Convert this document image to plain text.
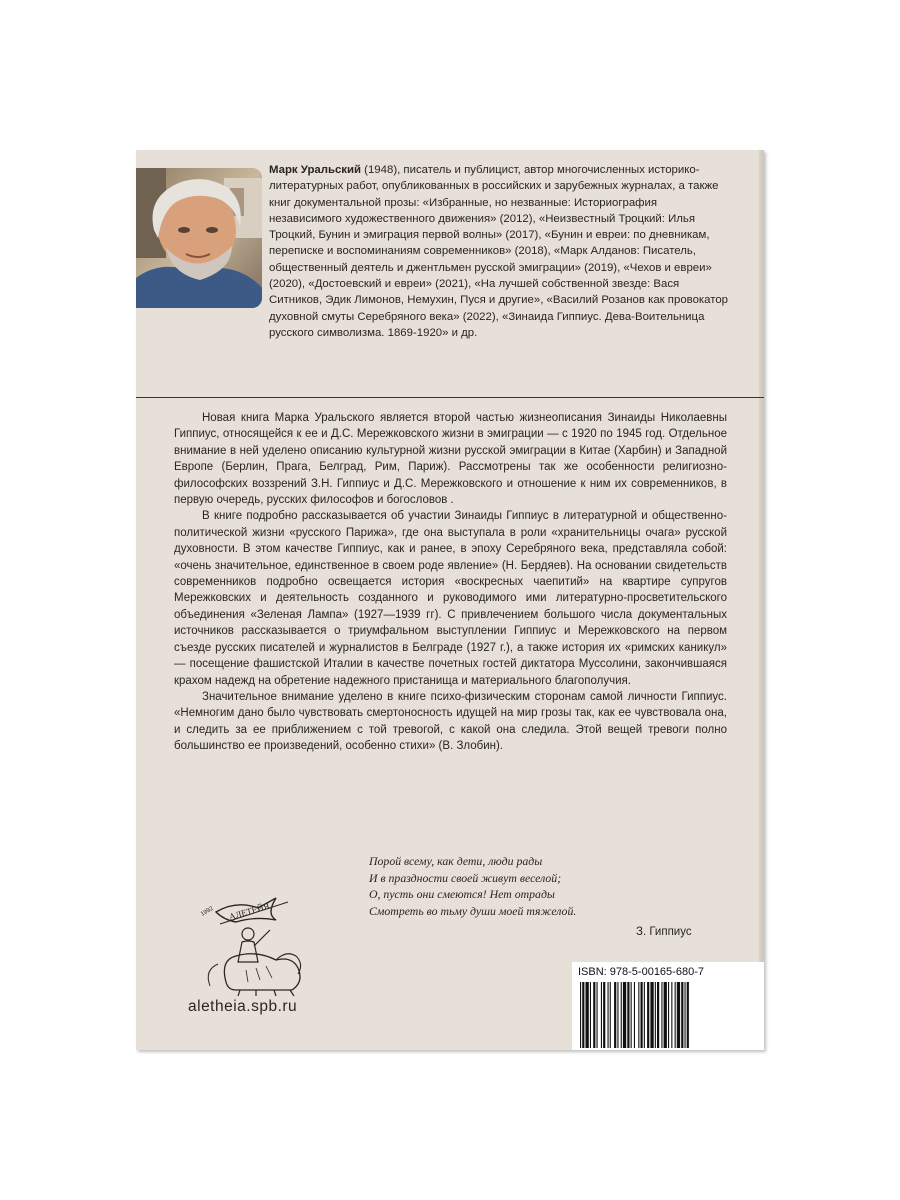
Марк Уральский (1948), писатель и публицист, автор многочисленных историко-литературных работ, опубликованных в российских и зарубежных журналах, а также книг документальной прозы: «Избранные, но незванные: Историография независимого художественного движения» (2012), «Неизвестный Троцкий: Илья Троцкий, Бунин и эмиграция первой волны» (2017), «Бунин и евреи: по дневникам, переписке и воспоминаниям современников» (2018), «Марк Алданов: Писатель, общественный деятель и джентльмен русской эмиграции» (2019), «Чехов и евреи» (2020), «Достоевский и евреи» (2021), «На лучшей собственной звезде: Вася Ситников, Эдик Лимонов, Немухин, Пуся и другие», «Василий Розанов как провокатор духовной смуты Серебряного века» (2022), «Зинаида Гиппиус. Дева-Воительница русского символизма. 1869-1920» и др.

Новая книга Марка Уральского является второй частью жизнеописания Зинаиды Николаевны Гиппиус, относящейся к ее и Д.С. Мережковского жизни в эмиграции — с 1920 по 1945 год. Отдельное внимание в ней уделено описанию культурной жизни русской эмиграции в Китае (Харбин) и Западной Европе (Берлин, Прага, Белград, Рим, Париж). Рассмотрены так же особенности религиозно-философских воззрений З.Н. Гиппиус и Д.С. Мережковского и отношение к ним их современников, в первую очередь, русских философов и богословов .

В книге подробно рассказывается об участии Зинаиды Гиппиус в литературной и общественно-политической жизни «русского Парижа», где она выступала в роли «хранительницы очага» русской духовности. В этом качестве Гиппиус, как и ранее, в эпоху Серебряного века, представляла собой: «очень значительное, единственное в своем роде явление» (Н. Бердяев). На основании свидетельств современников подробно освещается история «воскресных чаепитий» на квартире супругов Мережковских и деятельность созданного и руководимого ими литературно-просветительского объединения «Зеленая Лампа» (1927—1939 гг). С привлечением большого числа документальных источников рассказывается о триумфальном выступлении Гиппиус и Мережковского на первом съезде русских писателей и журналистов в Белграде (1927 г.), а также история их «римских каникул» — посещение фашистской Италии в качестве почетных гостей диктатора Муссолини, закончившаяся крахом надежд на обретение надежного пристанища и материального благополучия.

Значительное внимание уделено в книге психо-физическим сторонам самой личности Гиппиус. «Немногим дано было чувствовать смертоносность идущей на мир грозы так, как ее чувствовала она, и следить за ее приближением с той тревогой, с какой она следила. Этой вещей тревоги полно большинство ее произведений, особенно стихи» (В. Злобин).

Порой всему, как дети, люди рады
И в праздности своей живут веселой;
О, пусть они смеются! Нет отрады
Смотреть во тьму души моей тяжелой.
З. Гиппиус
АЛЕТЕЙЯ
1992
aletheia.spb.ru
ISBN: 978-5-00165-680-7
